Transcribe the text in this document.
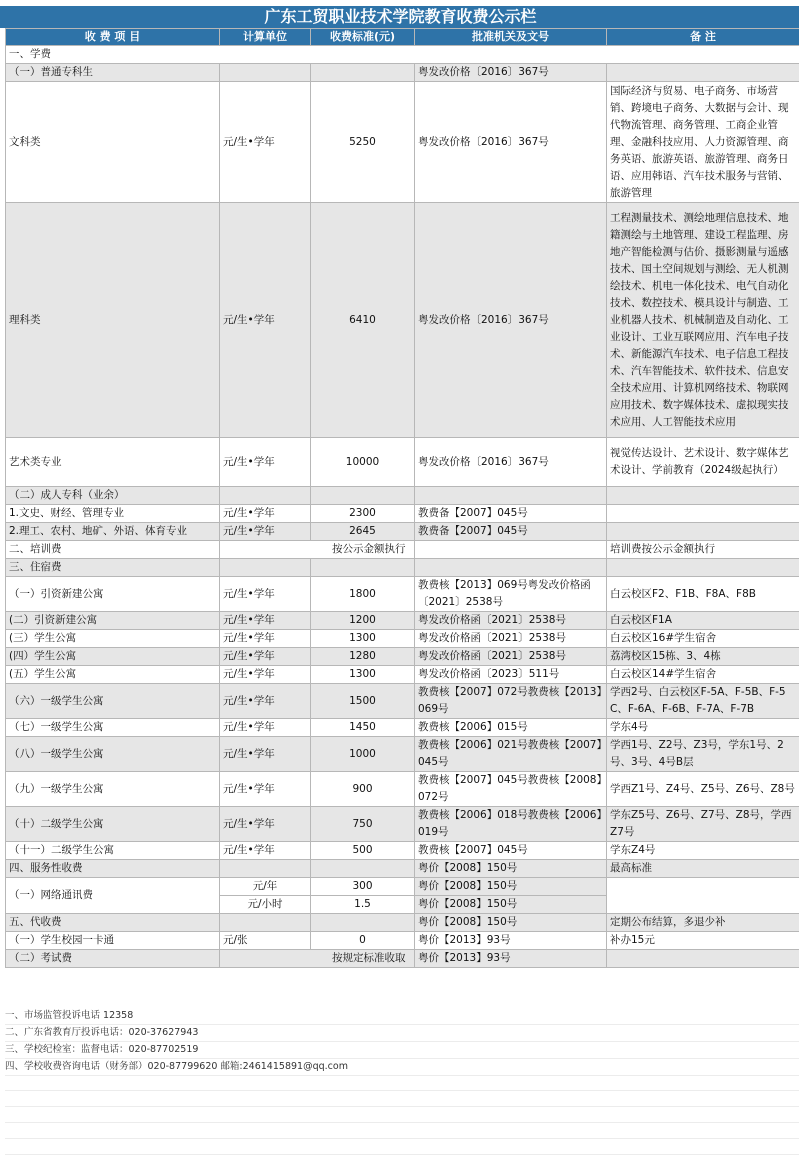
广东工贸职业技术学院教育收费公示栏
收 费 项 目	计算单位	收费标准(元)	批准机关及文号	备 注
一、学费				
（一）普通专科生			粤发改价格〔2016〕367号	
文科类	元/生•学年	5250	粤发改价格〔2016〕367号	国际经济与贸易、电子商务、市场营销、跨境电子商务、大数据与会计、现代物流管理、商务管理、工商企业管理、金融科技应用、人力资源管理、商务英语、旅游英语、旅游管理、商务日语、应用韩语、汽车技术服务与营销、旅游管理
理科类	元/生•学年	6410	粤发改价格〔2016〕367号	工程测量技术、测绘地理信息技术、地籍测绘与土地管理、建设工程监理、房地产智能检测与估价、摄影测量与遥感技术、国土空间规划与测绘、无人机测绘技术、机电一体化技术、电气自动化技术、数控技术、模具设计与制造、工业机器人技术、机械制造及自动化、工业设计、工业互联网应用、汽车电子技术、新能源汽车技术、电子信息工程技术、汽车智能技术、软件技术、信息安全技术应用、计算机网络技术、物联网应用技术、数字媒体技术、虚拟现实技术应用、人工智能技术应用
艺术类专业	元/生•学年	10000	粤发改价格〔2016〕367号	视觉传达设计、艺术设计、数字媒体艺术设计、学前教育（2024级起执行）
（二）成人专科（业余）				
1.文史、财经、管理专业	元/生•学年	2300	教费备【2007】045号	
2.理工、农村、地矿、外语、体育专业	元/生•学年	2645	教费备【2007】045号	
二、培训费	按公示金额执行			培训费按公示金额执行
三、住宿费				
（一）引资新建公寓	元/生•学年	1800	教费核【2013】069号粤发改价格函〔2021〕2538号	白云校区F2、F1B、F8A、F8B
(二）引资新建公寓	元/生•学年	1200	粤发改价格函〔2021〕2538号	白云校区F1A
(三）学生公寓	元/生•学年	1300	粤发改价格函〔2021〕2538号	白云校区16#学生宿舍
(四）学生公寓	元/生•学年	1280	粤发改价格函〔2021〕2538号	荔湾校区15栋、3、4栋
(五）学生公寓	元/生•学年	1300	粤发改价格函〔2023〕511号	白云校区14#学生宿舍
（六）一级学生公寓	元/生•学年	1500	教费核【2007】072号教费核【2013】069号	学西2号、白云校区F-5A、F-5B、F-5C、F-6A、F-6B、F-7A、F-7B
（七）一级学生公寓	元/生•学年	1450	教费核【2006】015号	学东4号
（八）一级学生公寓	元/生•学年	1000	教费核【2006】021号教费核【2007】045号	学西1号、Z2号、Z3号，学东1号、2号、3号、4号B层
（九）一级学生公寓	元/生•学年	900	教费核【2007】045号教费核【2008】072号	学西Z1号、Z4号、Z5号、Z6号、Z8号
（十）二级学生公寓	元/生•学年	750	教费核【2006】018号教费核【2006】019号	学东Z5号、Z6号、Z7号、Z8号，学西Z7号
（十一）二级学生公寓	元/生•学年	500	教费核【2007】045号	学东Z4号
四、服务性收费			粤价【2008】150号	最高标准
（一）网络通讯费	元/年	300	粤价【2008】150号	
	元/小时	1.5	粤价【2008】150号	
五、代收费			粤价【2008】150号	定期公布结算，多退少补
（一）学生校园一卡通	元/张	0	粤价【2013】93号	补办15元
（二）考试费	按规定标准收取		粤价【2013】93号	
一、市场监管投诉电话 12358
二、广东省教育厅投诉电话：020-37627943
三、学校纪检室：监督电话：020-87702519
四、学校收费咨询电话（财务部）020-87799620 邮箱:2461415891@qq.com
